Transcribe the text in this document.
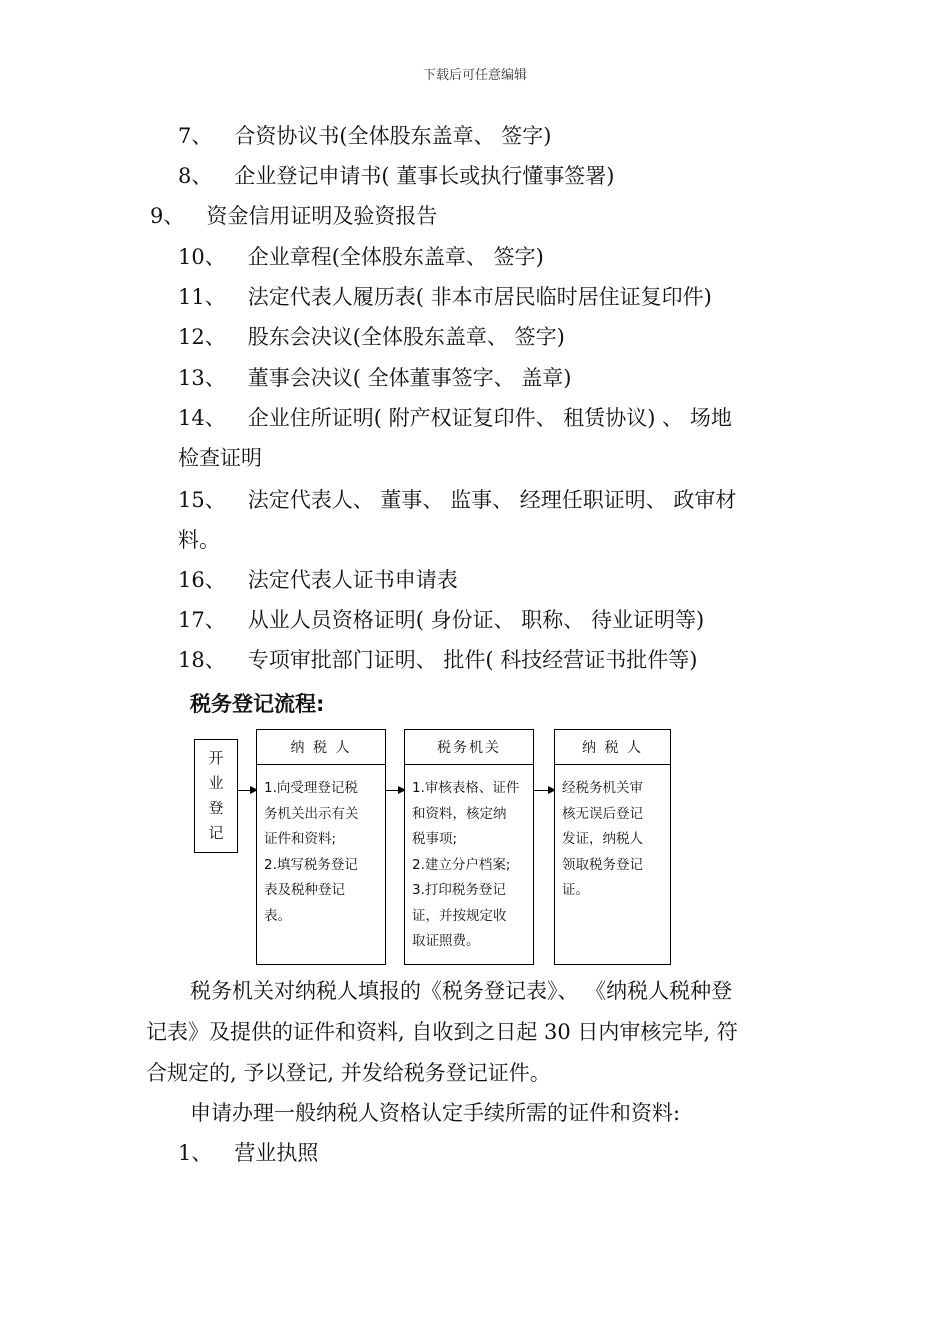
下载后可任意编辑
7、 合资协议书(全体股东盖章、 签字)
8、 企业登记申请书( 董事长或执行懂事签署)
9、 资金信用证明及验资报告
10、 企业章程(全体股东盖章、 签字)
11、 法定代表人履历表( 非本市居民临时居住证复印件)
12、 股东会决议(全体股东盖章、 签字)
13、 董事会决议( 全体董事签字、 盖章)
14、 企业住所证明( 附产权证复印件、 租赁协议) 、 场地
检查证明
15、 法定代表人、 董事、 监事、 经理任职证明、 政审材
料。
16、 法定代表人证书申请表
17、 从业人员资格证明( 身份证、 职称、 待业证明等)
18、 专项审批部门证明、 批件( 科技经营证书批件等)
税务登记流程:
开
业
登
记
纳 税 人
1.向受理登记税
务机关出示有关
证件和资料;
2.填写税务登记
表及税种登记
表。
税务机关
1.审核表格、证件
和资料，核定纳
税事项;
2.建立分户档案;
3.打印税务登记
证，并按规定收
取证照费。
纳 税 人
经税务机关审
核无误后登记
发证，纳税人
领取税务登记
证。
税务机关对纳税人填报的《税务登记表》、 《纳税人税种登
记表》及提供的证件和资料, 自收到之日起 30 日内审核完毕, 符
合规定的, 予以登记, 并发给税务登记证件。
申请办理一般纳税人资格认定手续所需的证件和资料:
1、 营业执照
